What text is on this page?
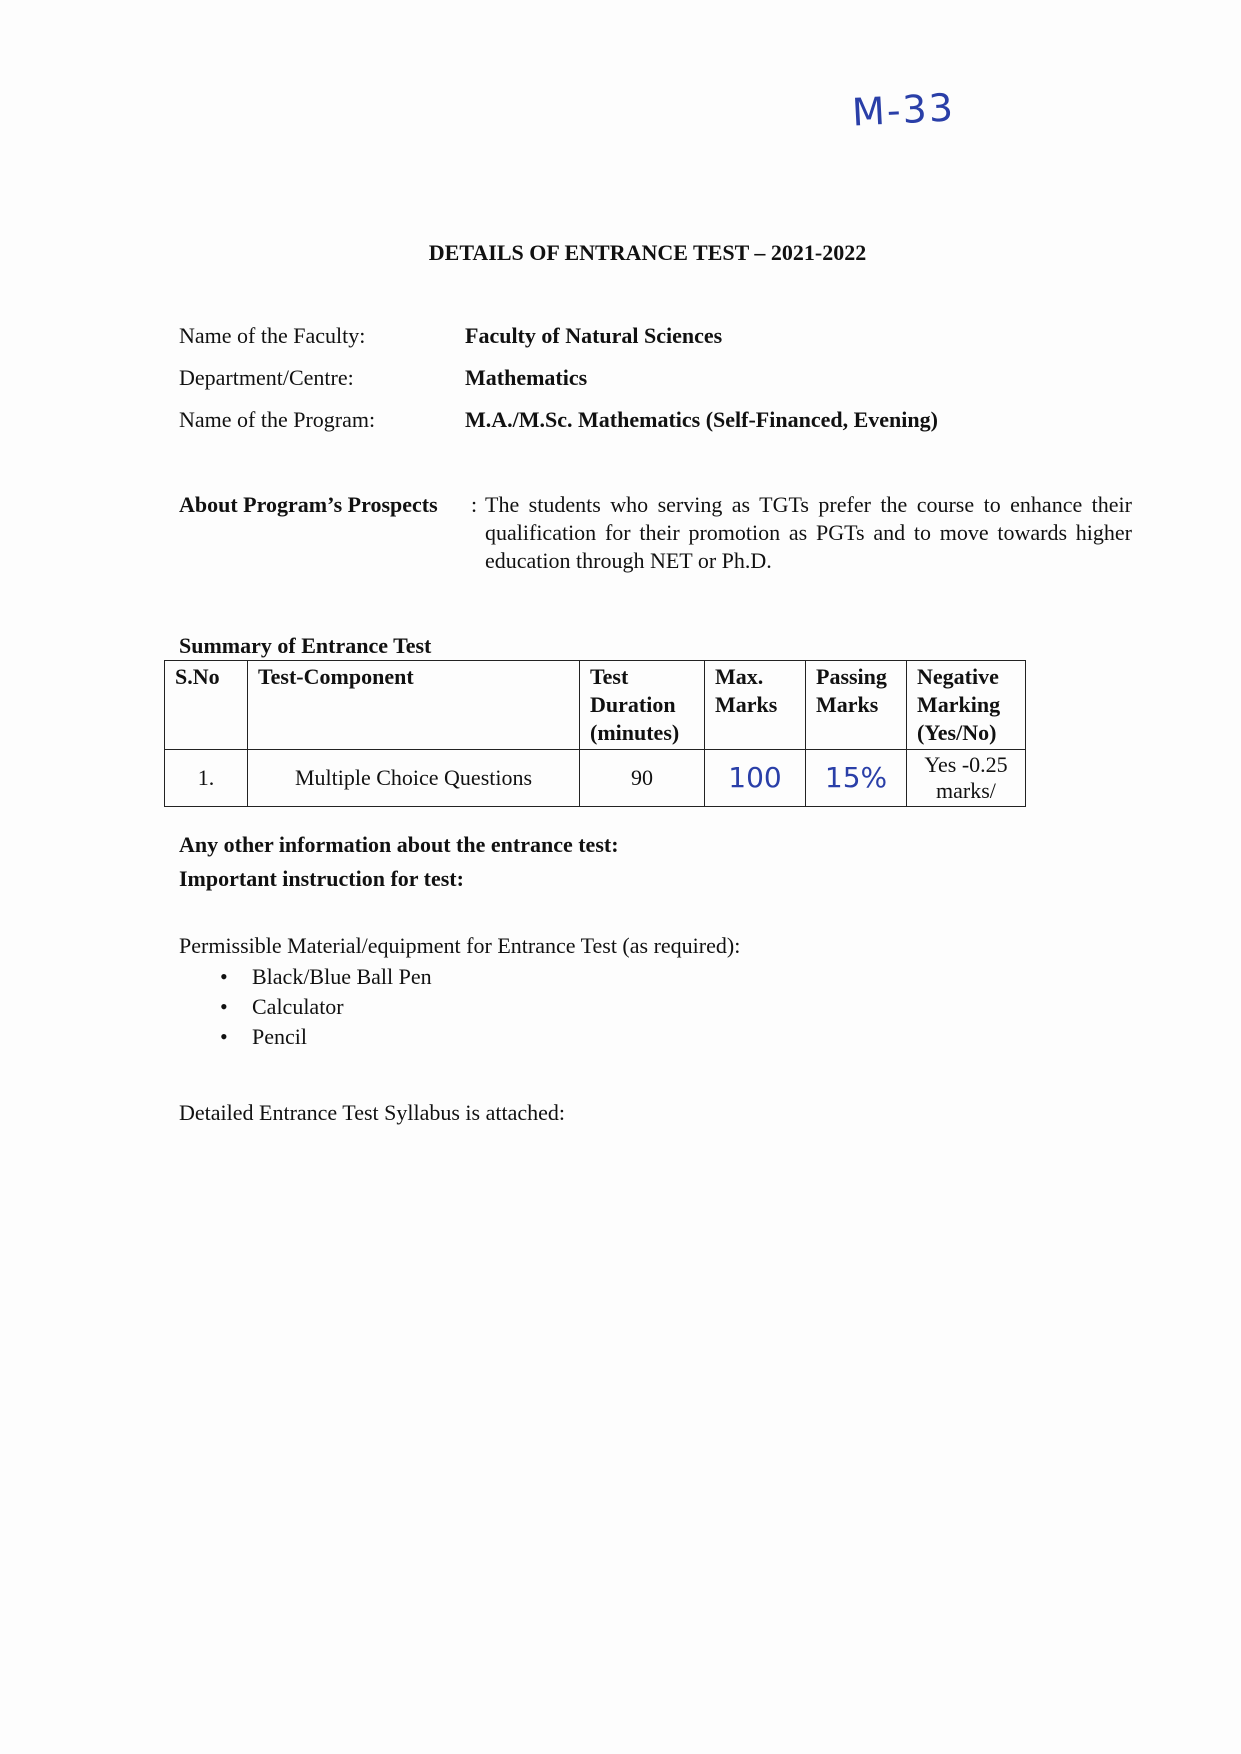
M-33
DETAILS OF ENTRANCE TEST – 2021-2022
Name of the Faculty:	Faculty of Natural Sciences
Department/Centre:	Mathematics
Name of the Program:	M.A./M.Sc. Mathematics (Self-Financed, Evening)
About Program’s Prospects : The students who serving as TGTs prefer the course to enhance their qualification for their promotion as PGTs and to move towards higher education through NET or Ph.D.
Summary of Entrance Test
S.No	Test-Component	Test Duration (minutes)	Max. Marks	Passing Marks	Negative Marking (Yes/No)
1.	Multiple Choice Questions	90	100	15%	Yes -0.25 marks/
Any other information about the entrance test:
Important instruction for test:
Permissible Material/equipment for Entrance Test (as required):
• Black/Blue Ball Pen
• Calculator
• Pencil
Detailed Entrance Test Syllabus is attached:
